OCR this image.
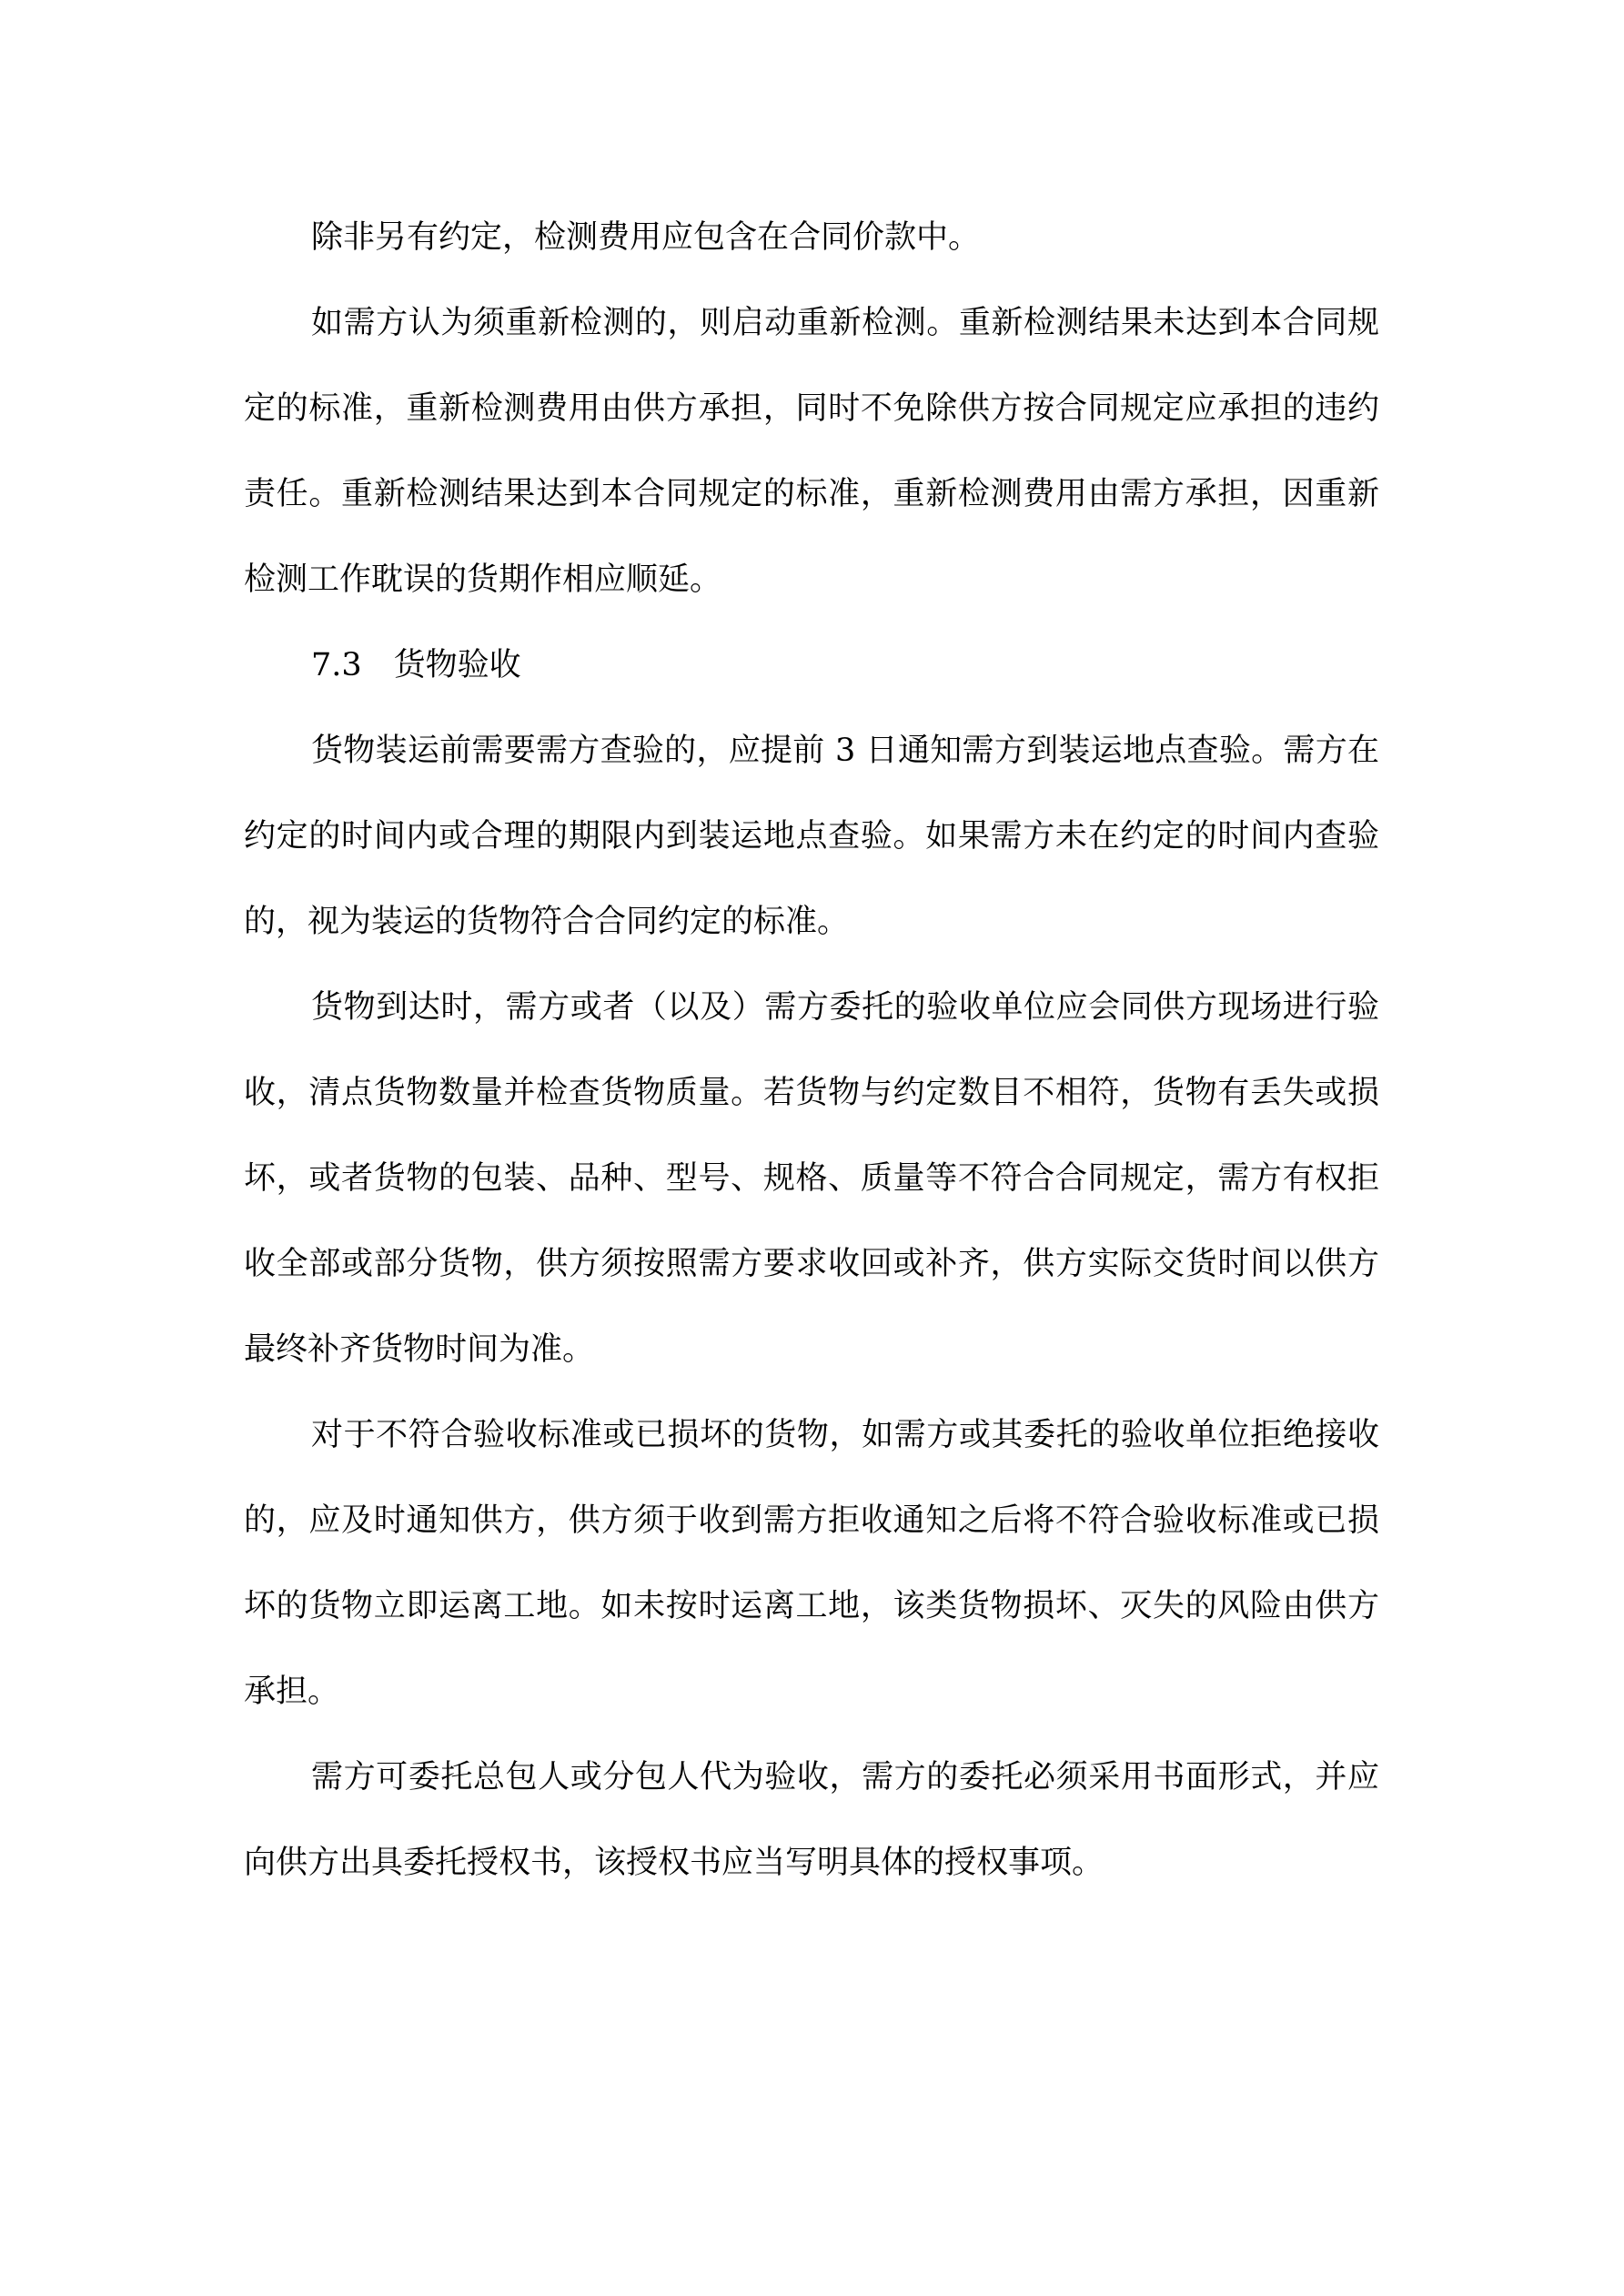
除非另有约定，检测费用应包含在合同价款中。
如需方认为须重新检测的，则启动重新检测。重新检测结果未达到本合同规
定的标准，重新检测费用由供方承担，同时不免除供方按合同规定应承担的违约
责任。重新检测结果达到本合同规定的标准，重新检测费用由需方承担，因重新
检测工作耽误的货期作相应顺延。
7.3　货物验收
货物装运前需要需方查验的，应提前 3 日通知需方到装运地点查验。需方在
约定的时间内或合理的期限内到装运地点查验。如果需方未在约定的时间内查验
的，视为装运的货物符合合同约定的标准。
货物到达时，需方或者（以及）需方委托的验收单位应会同供方现场进行验
收，清点货物数量并检查货物质量。若货物与约定数目不相符，货物有丢失或损
坏，或者货物的包装、品种、型号、规格、质量等不符合合同规定，需方有权拒
收全部或部分货物，供方须按照需方要求收回或补齐，供方实际交货时间以供方
最终补齐货物时间为准。
对于不符合验收标准或已损坏的货物，如需方或其委托的验收单位拒绝接收
的，应及时通知供方，供方须于收到需方拒收通知之后将不符合验收标准或已损
坏的货物立即运离工地。如未按时运离工地，该类货物损坏、灭失的风险由供方
承担。
需方可委托总包人或分包人代为验收，需方的委托必须采用书面形式，并应
向供方出具委托授权书，该授权书应当写明具体的授权事项。
